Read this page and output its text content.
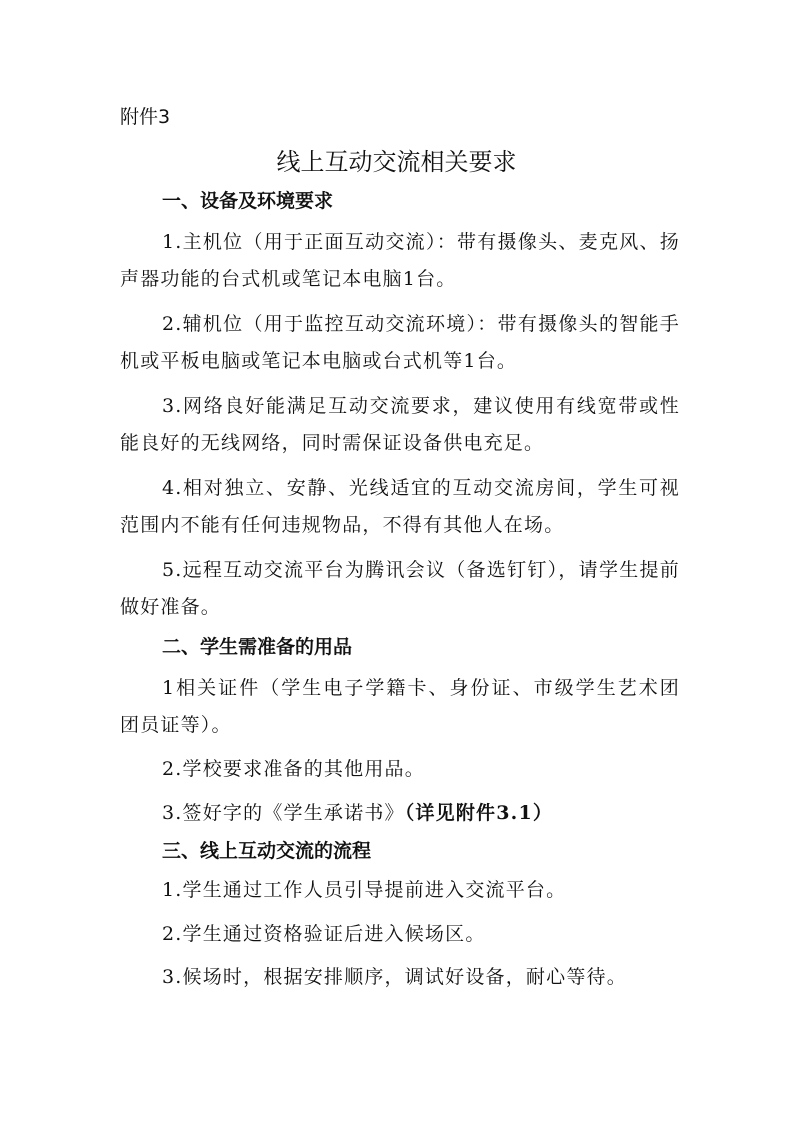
附件3

线上互动交流相关要求
一、设备及环境要求

1.主机位（用于正面互动交流）：带有摄像头、麦克风、扬声器功能的台式机或笔记本电脑1台。

2.辅机位（用于监控互动交流环境）：带有摄像头的智能手机或平板电脑或笔记本电脑或台式机等1台。

3.网络良好能满足互动交流要求，建议使用有线宽带或性能良好的无线网络，同时需保证设备供电充足。

4.相对独立、安静、光线适宜的互动交流房间，学生可视范围内不能有任何违规物品，不得有其他人在场。

5.远程互动交流平台为腾讯会议（备选钉钉），请学生提前做好准备。

二、学生需准备的用品

1相关证件（学生电子学籍卡、身份证、市级学生艺术团团员证等）。

2.学校要求准备的其他用品。

3.签好字的《学生承诺书》（详见附件3.1）

三、线上互动交流的流程

1.学生通过工作人员引导提前进入交流平台。

2.学生通过资格验证后进入候场区。

3.候场时，根据安排顺序，调试好设备，耐心等待。
